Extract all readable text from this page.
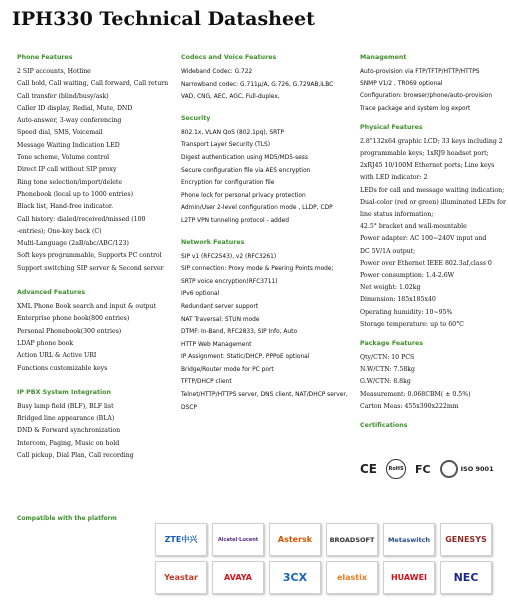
IPH330 Technical Datasheet
Phone Features
2 SIP accounts, Hotline
Call hold, Call waiting, Call forward, Call return
Call transfer (blind/busy/ask)
Caller ID display, Redial, Mute, DND
Auto-answer, 3-way conferencing
Speed dial, SMS, Voicemail
Message Waiting Indication LED
Tone scheme, Volume control
Direct IP call without SIP proxy
Ring tone selection/import/delete
Phonebook (local up to 1000 entries)
Black list, Hand-free indicator.
Call history: dialed/received/missed (100
-entries); One-key back (C)
Multi-Language (2aB/abc/ABC/123)
Soft keys programmable, Supports PC control
Support switching SIP server & Second server
Advanced Features
XML Phone Book search and input & output
Enterprise phone book(800 entries)
Personal Phonebook(300 entries)
LDAP phone book
Action URL & Active URI
Functions customizable keys
IP PBX System Integration
Busy lamp field (BLF), BLF list
Bridged line appearance (BLA)
DND & Forward synchronization
Intercom, Paging, Music on hold
Call pickup, Dial Plan, Call recording
Codecs and Voice Features
Wideband Codec: G.722
Narrowband codec: G.711μ/A, G.726, G.729AB,iLBC
VAD, CNG, AEC, AGC, Full-duplex,
Security
802.1x, VLAN QoS (802.1pq), SRTP
Transport Layer Security (TLS)
Digest authentication using MD5/MD5-sess
Secure configuration file via AES encryption
Encryption for configuration file
Phone lock for personal privacy protection
Admin/User 2-level configuration mode , LLDP, CDP
L2TP VPN tunneling protocol - added
Network Features
SIP v1 (RFC2543), v2 (RFC3261)
SIP connection: Proxy mode & Peering Points mode;
SRTP voice encryption(RFC3711)
IPv6 optional
Redundant server support
NAT Traversal: STUN mode
DTMF: In-Band, RFC2833, SIP Info, Auto
HTTP Web Management
IP Assignment: Static/DHCP, PPPoE optional
Bridge/Router mode for PC port
TFTP/DHCP client
Telnet/HTTP/HTTPS server, DNS client, NAT/DHCP server,
DSCP
Management
Auto-provision via FTP/TFTP/HTTP/HTTPS
SNMP V1/2 , TR069 optional
Configuration: browser/phone/auto-provision
Trace package and system log export
Physical Features
2.8"132x64 graphic LCD; 33 keys including 2
programmable keys; 1xRJ9 headset port;
2xRJ45 10/100M Ethernet ports; Line keys
with LED indicator: 2
LEDs for call and message waiting indication;
Dual-color (red or green) illuminated LEDs for
line status information;
42.5° bracket and wall-mountable
Power adapter: AC 100~240V input and
DC 5V/1A output;
Power over Ethernet IEEE 802.3af,class 0
Power consumption: 1.4-2.6W
Net weight: 1.02kg
Dimension: 185x185x40
Operating humidity: 10~95%
Storage temperature: up to 60°C
Package Features
Qty/CTN: 10 PCS
N.W/CTN: 7.58kg
G.W/CTN: 8.8kg
Measurement: 0.068CBM( ± 0.5%)
Carton Meas: 455x390x222mm
Certifications
CE	RoHS FC	ISO 9001
Compatible with the platform
ZTE中兴	Alcatel·Lucent	Astersk	BROADSOFT	Metaswitch	GENESYS
Yeastar	AVAYA	3CX	elastix	HUAWEI	NEC
